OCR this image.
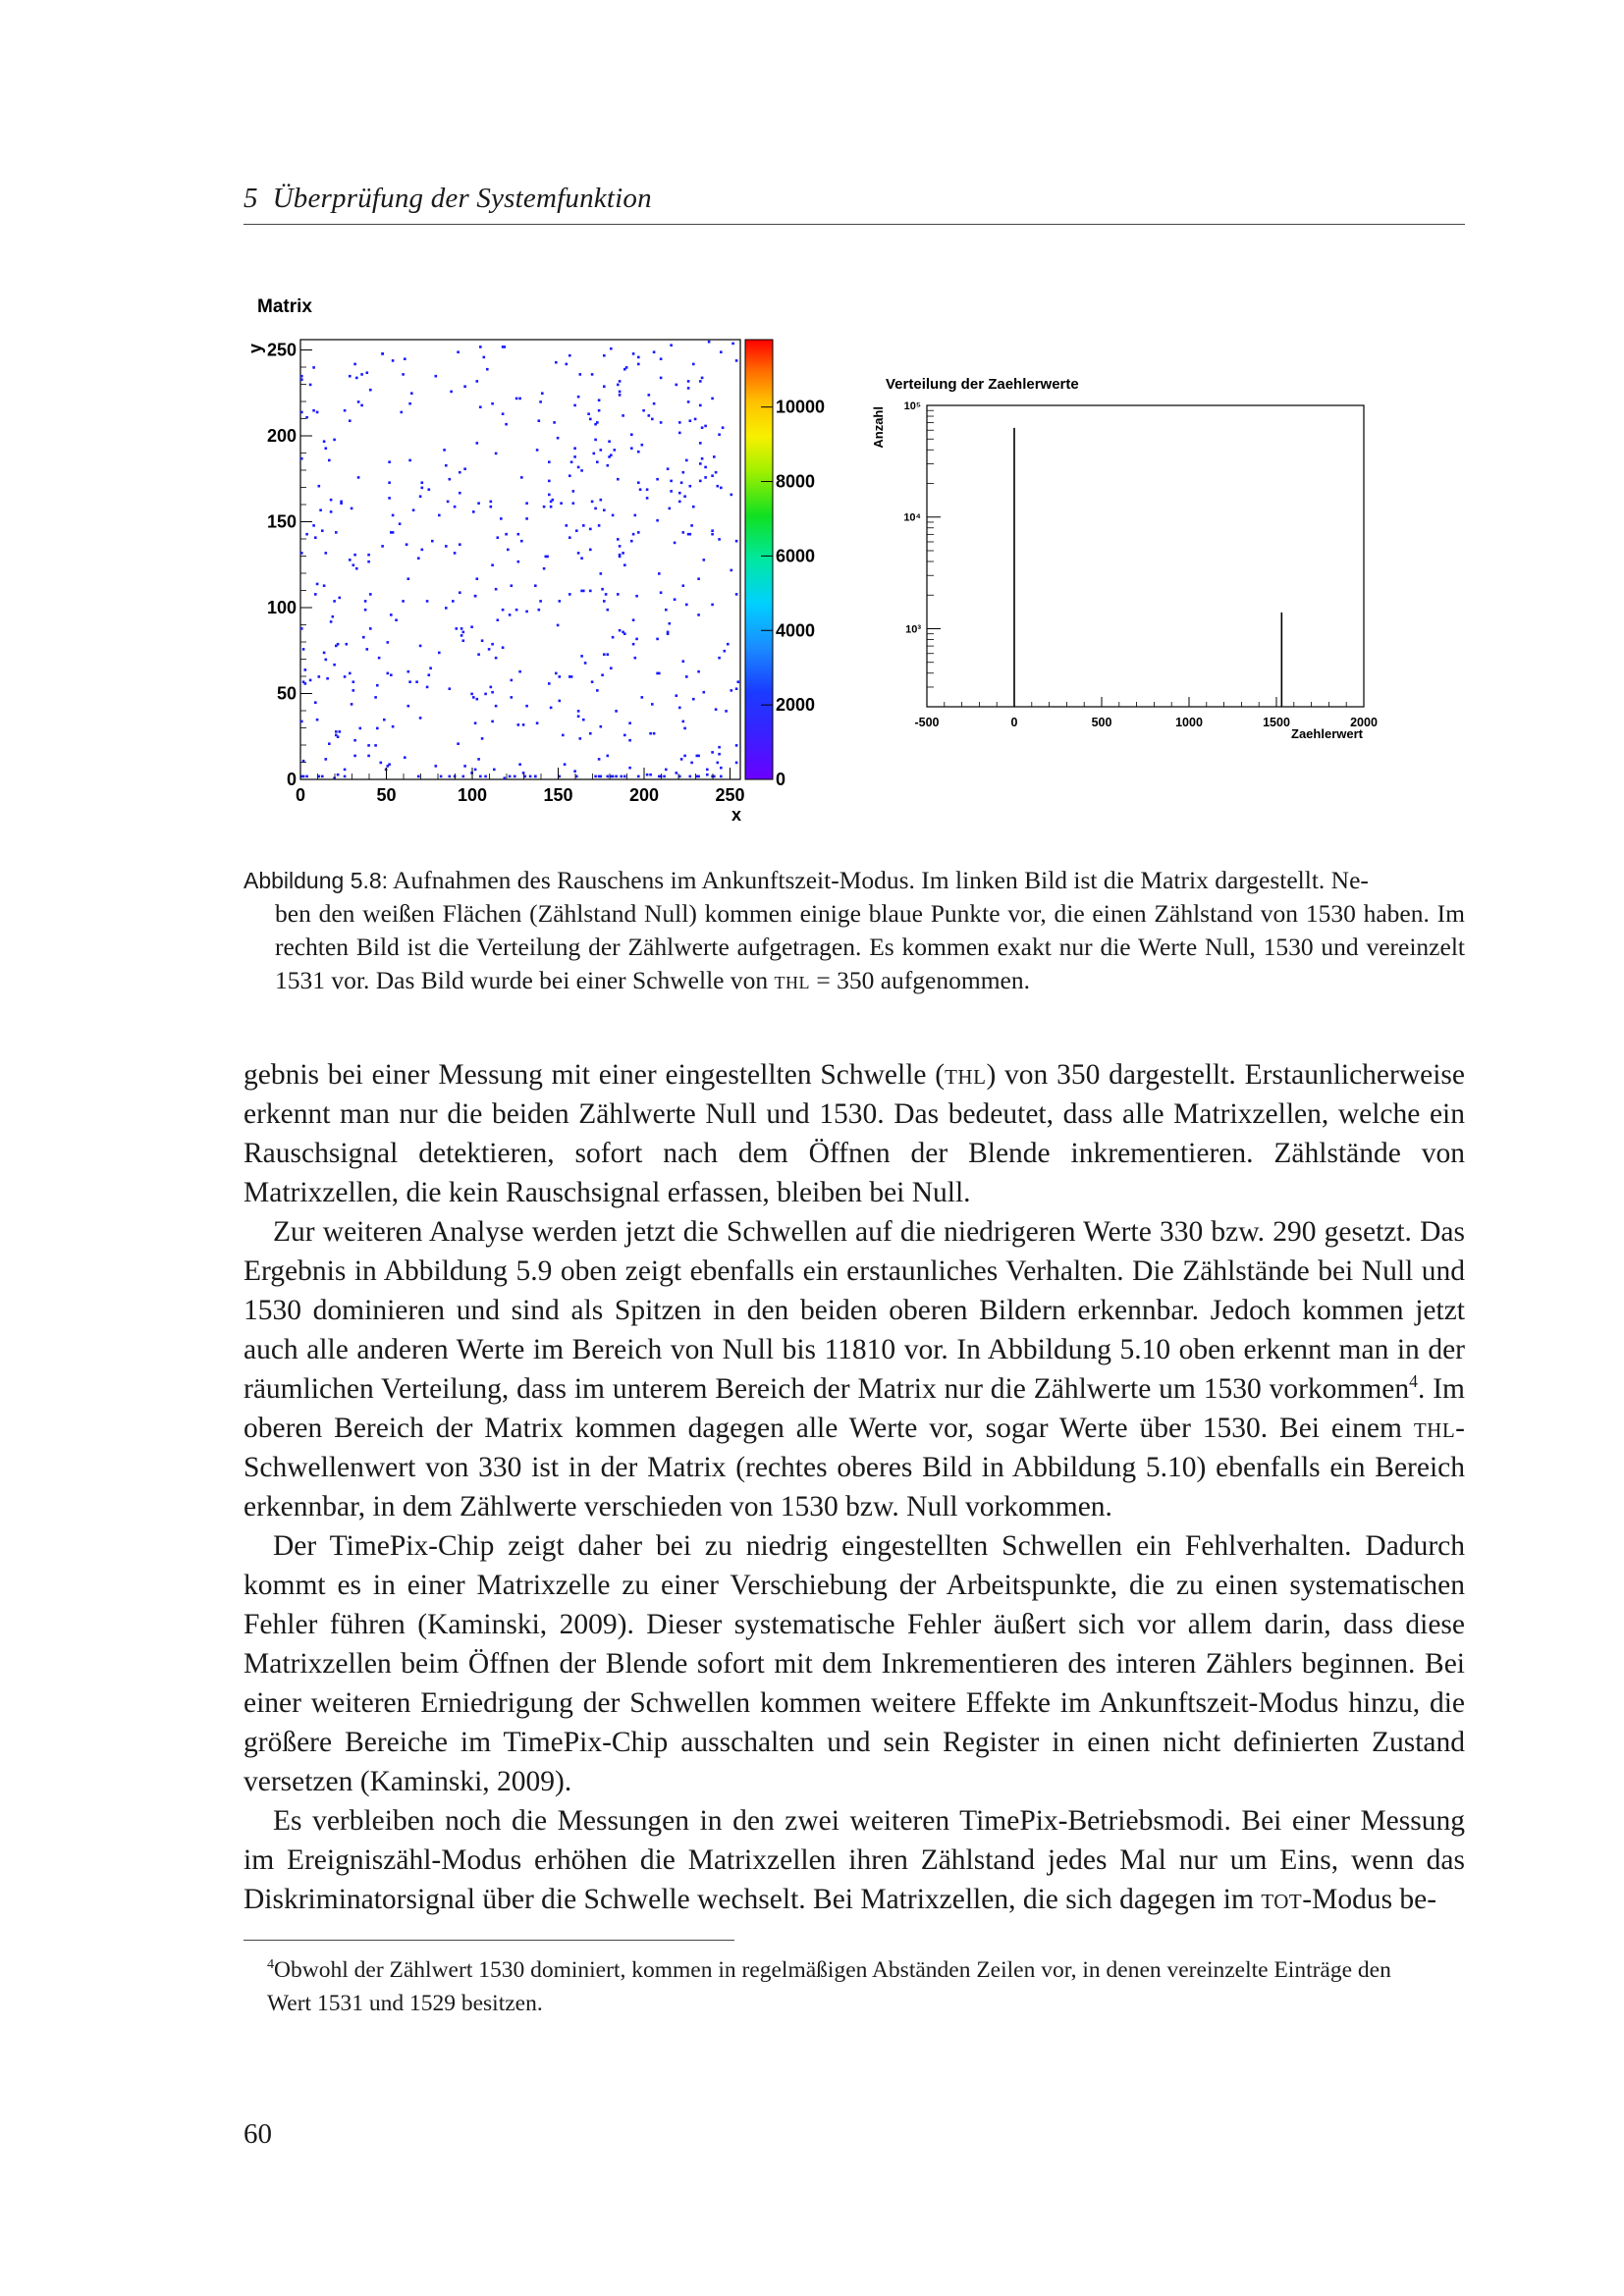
5 Überprüfung der Systemfunktion
Matrix
0	50	100	150	200	250
0
50
100
150
200
250
x
y
0
2000
4000
6000
8000
10000
Verteilung der Zaehlerwerte
-500	0	500	1000	1500	2000
10³
10⁴
10⁵
Zaehlerwert
Anzahl
Abbildung 5.8: Aufnahmen des Rauschens im Ankunftszeit-Modus. Im linken Bild ist die Matrix dargestellt. Ne-
ben den weißen Flächen (Zählstand Null) kommen einige blaue Punkte vor, die einen Zählstand von 1530 haben. Im rechten Bild ist die Verteilung der Zählwerte aufgetragen. Es kommen exakt nur die Werte Null, 1530 und vereinzelt 1531 vor. Das Bild wurde bei einer Schwelle von thl = 350 aufgenommen.

gebnis bei einer Messung mit einer eingestellten Schwelle (thl) von 350 dargestellt. Erstaunlicherweise erkennt man nur die beiden Zählwerte Null und 1530. Das bedeutet, dass alle Matrixzellen, welche ein Rauschsignal detektieren, sofort nach dem Öffnen der Blende inkrementieren. Zählstände von Matrixzellen, die kein Rauschsignal erfassen, bleiben bei Null.

Zur weiteren Analyse werden jetzt die Schwellen auf die niedrigeren Werte 330 bzw. 290 gesetzt. Das Ergebnis in Abbildung 5.9 oben zeigt ebenfalls ein erstaunliches Verhalten. Die Zählstände bei Null und 1530 dominieren und sind als Spitzen in den beiden oberen Bildern erkennbar. Jedoch kommen jetzt auch alle anderen Werte im Bereich von Null bis 11810 vor. In Abbildung 5.10 oben erkennt man in der räumlichen Verteilung, dass im unterem Bereich der Matrix nur die Zählwerte um 1530 vorkommen$^4$. Im oberen Bereich der Matrix kommen dagegen alle Werte vor, sogar Werte über 1530. Bei einem thl-Schwellenwert von 330 ist in der Matrix (rechtes oberes Bild in Abbildung 5.10) ebenfalls ein Bereich erkennbar, in dem Zählwerte verschieden von 1530 bzw. Null vorkommen.

Der TimePix-Chip zeigt daher bei zu niedrig eingestellten Schwellen ein Fehlverhalten. Dadurch kommt es in einer Matrixzelle zu einer Verschiebung der Arbeitspunkte, die zu einen systematischen Fehler führen (Kaminski, 2009). Dieser systematische Fehler äußert sich vor allem darin, dass diese Matrixzellen beim Öffnen der Blende sofort mit dem Inkrementieren des interen Zählers beginnen. Bei einer weiteren Erniedrigung der Schwellen kommen weitere Effekte im Ankunftszeit-Modus hinzu, die größere Bereiche im TimePix-Chip ausschalten und sein Register in einen nicht definierten Zustand versetzen (Kaminski, 2009).

Es verbleiben noch die Messungen in den zwei weiteren TimePix-Betriebsmodi. Bei einer Messung im Ereigniszähl-Modus erhöhen die Matrixzellen ihren Zählstand jedes Mal nur um Eins, wenn das Diskriminatorsignal über die Schwelle wechselt. Bei Matrixzellen, die sich dagegen im tot-Modus be-

$^4$Obwohl der Zählwert 1530 dominiert, kommen in regelmäßigen Abständen Zeilen vor, in denen vereinzelte Einträge den
Wert 1531 und 1529 besitzen.
60
